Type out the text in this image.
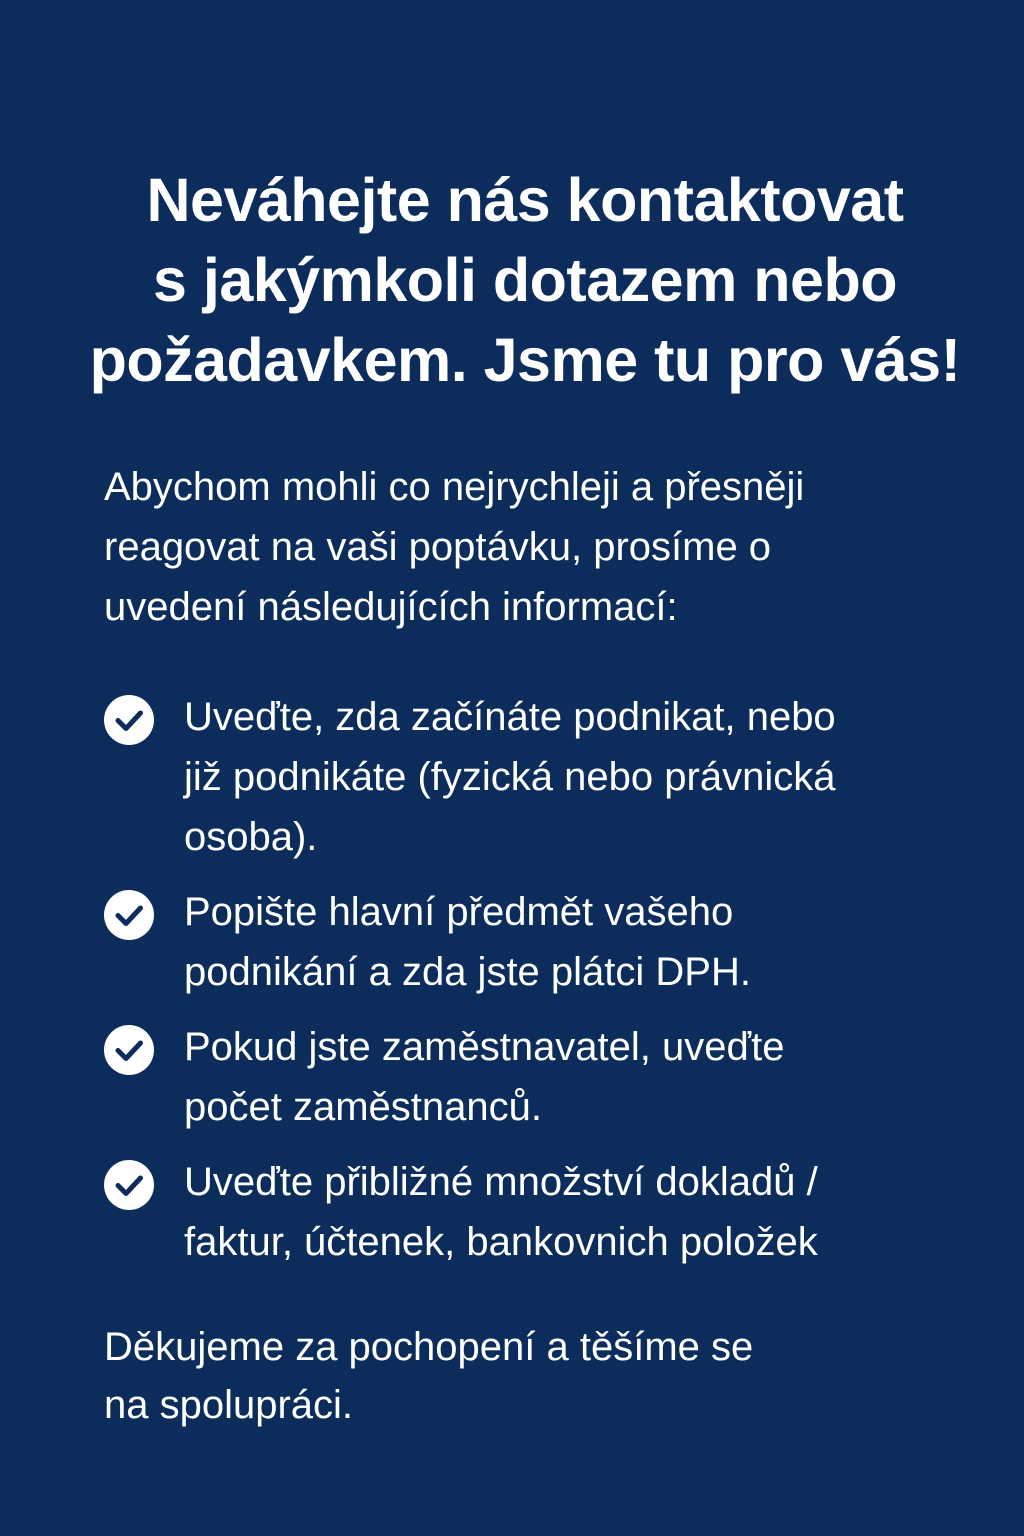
Neváhejte nás kontaktovat
s jakýmkoli dotazem nebo
požadavkem. Jsme tu pro vás!

Abychom mohli co nejrychleji a přesněji
reagovat na vaši poptávku, prosíme o
uvedení následujících informací:

Uveďte, zda začínáte podnikat, nebo
již podnikáte (fyzická nebo právnická
osoba).
Popište hlavní předmět vašeho
podnikání a zda jste plátci DPH.
Pokud jste zaměstnavatel, uveďte
počet zaměstnanců.
Uveďte přibližné množství dokladů /
faktur, účtenek, bankovnich položek

Děkujeme za pochopení a těšíme se
na spolupráci.
